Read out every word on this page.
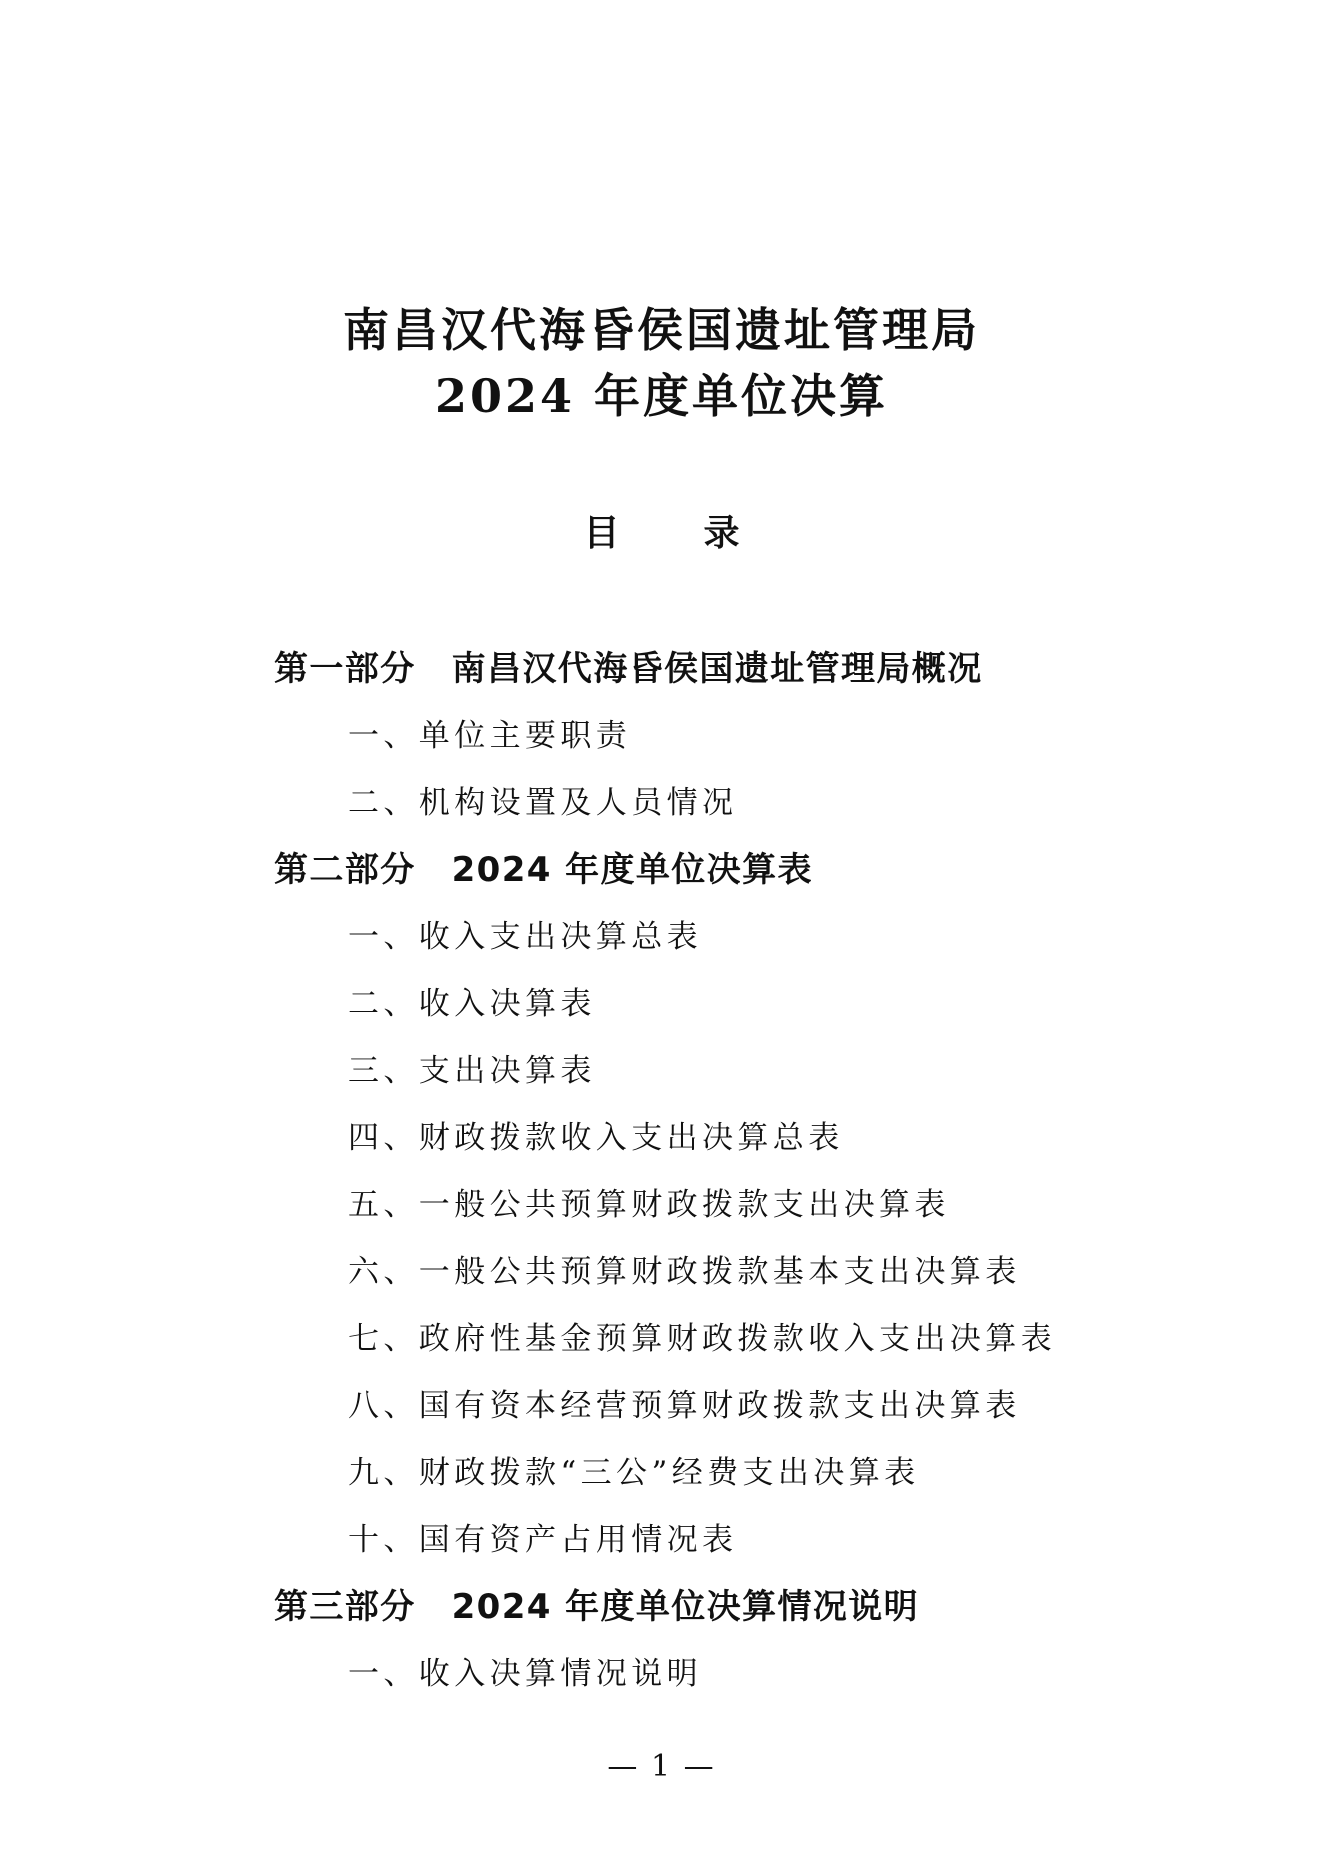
南昌汉代海昏侯国遗址管理局
2024 年度单位决算
目 录
第一部分 南昌汉代海昏侯国遗址管理局概况
一、单位主要职责
二、机构设置及人员情况
第二部分 2024 年度单位决算表
一、收入支出决算总表
二、收入决算表
三、支出决算表
四、财政拨款收入支出决算总表
五、一般公共预算财政拨款支出决算表
六、一般公共预算财政拨款基本支出决算表
七、政府性基金预算财政拨款收入支出决算表
八、国有资本经营预算财政拨款支出决算表
九、财政拨款“三公”经费支出决算表
十、国有资产占用情况表
第三部分 2024 年度单位决算情况说明
一、收入决算情况说明
— 1 —
